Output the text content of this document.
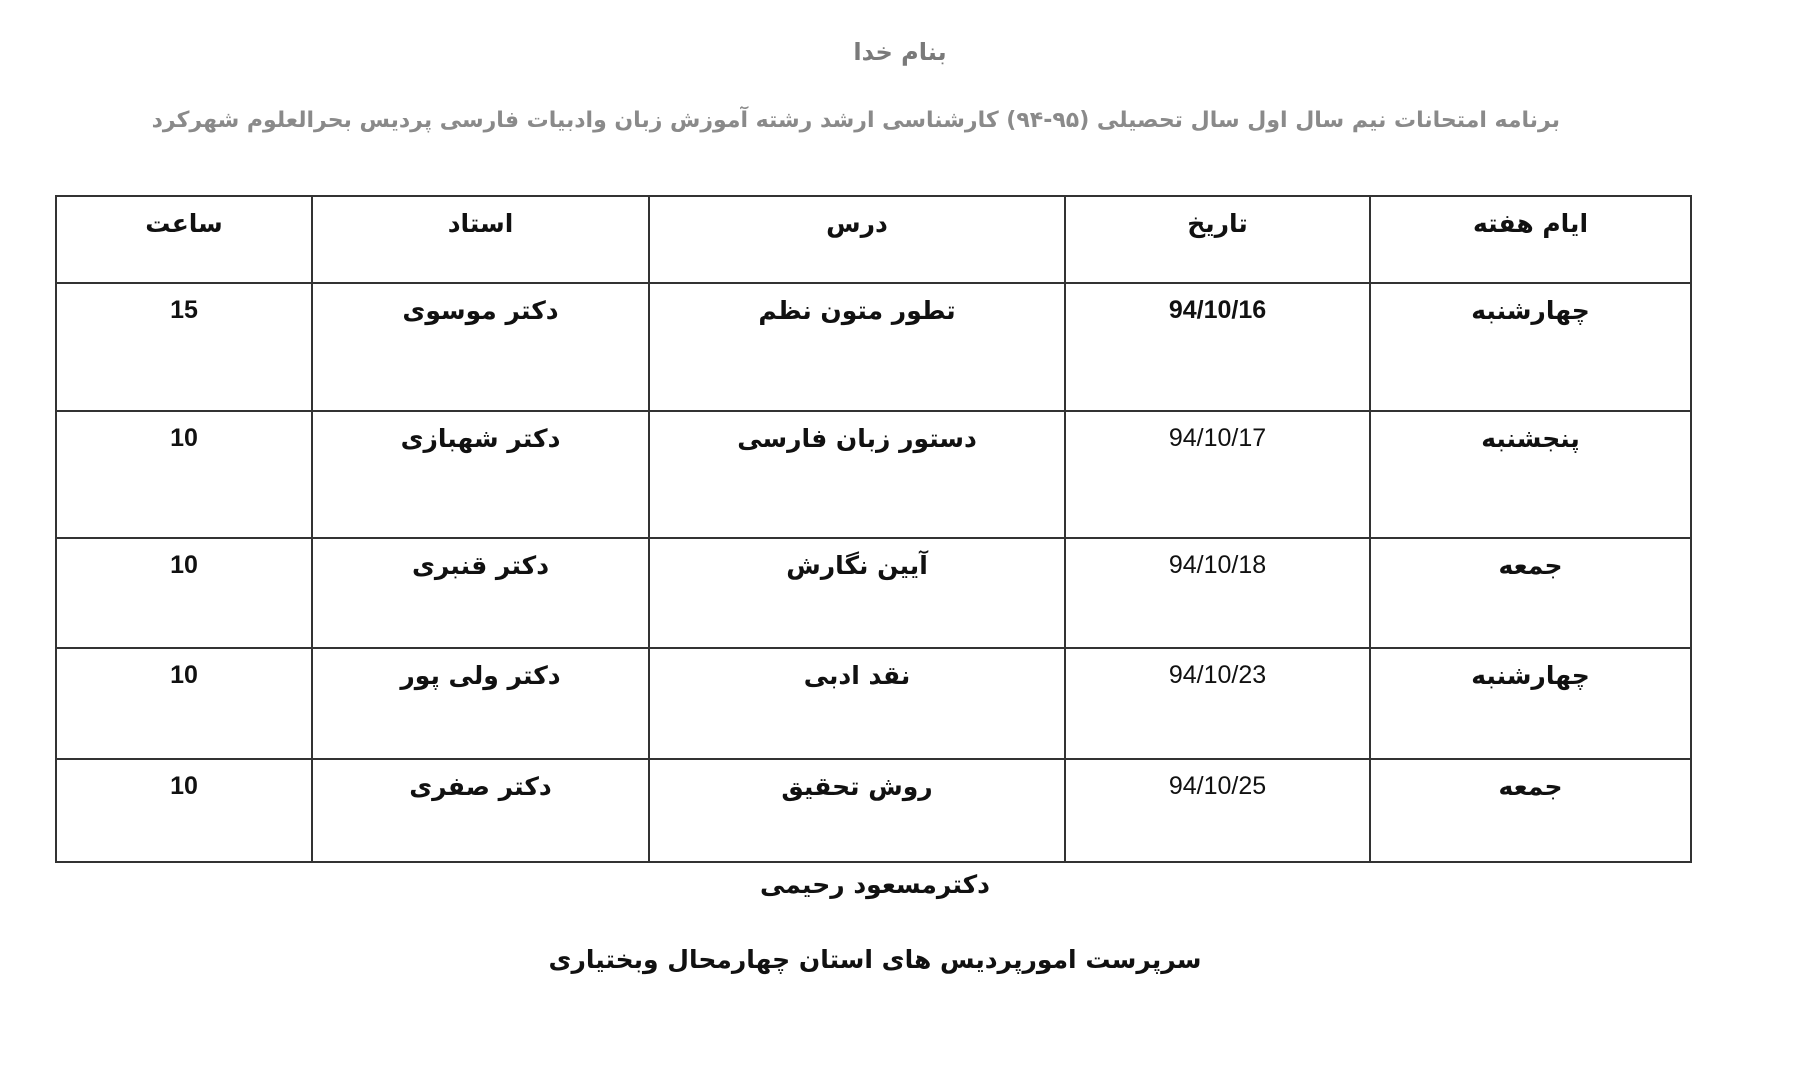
بنام خدا
برنامه امتحانات نیم سال اول سال تحصیلی (۹۵-۹۴) کارشناسی ارشد رشته آموزش زبان وادبیات فارسی پردیس بحرالعلوم شهرکرد
ایام هفته	تاریخ	درس	استاد	ساعت
چهارشنبه	94/10/16	تطور متون نظم	دکتر موسوی	15
پنجشنبه	94/10/17	دستور زبان فارسی	دکتر شهبازی	10
جمعه	94/10/18	آیین نگارش	دکتر قنبری	10
چهارشنبه	94/10/23	نقد ادبی	دکتر ولی پور	10
جمعه	94/10/25	روش تحقیق	دکتر صفری	10
دکترمسعود رحیمی
سرپرست امورپردیس های استان چهارمحال وبختیاری
